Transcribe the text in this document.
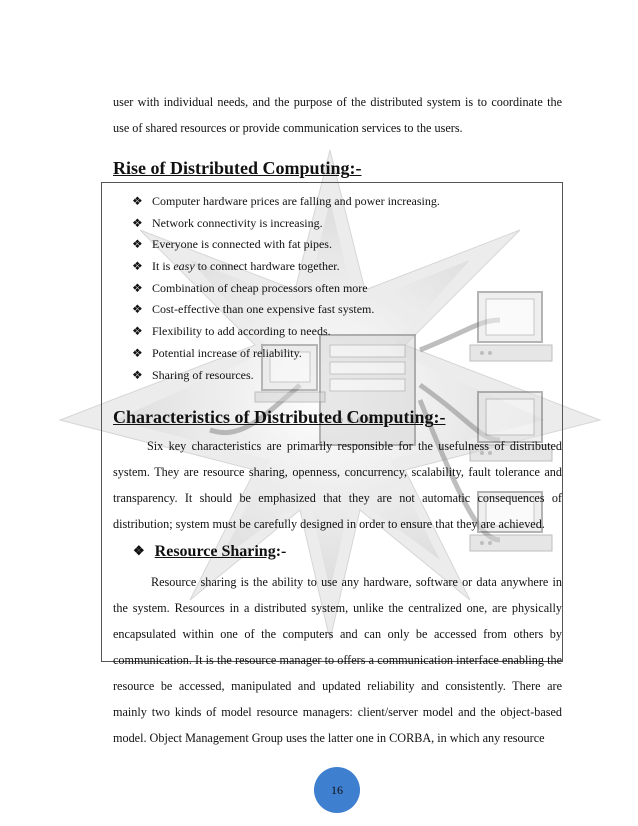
user with individual needs, and the purpose of the distributed system is to coordinate the use of shared resources or provide communication services to the users.

Rise of Distributed Computing:-
❖ Computer hardware prices are falling and power increasing.
❖ Network connectivity is increasing.
❖ Everyone is connected with fat pipes.
❖ It is easy to connect hardware together.
❖ Combination of cheap processors often more
❖ Cost-effective than one expensive fast system.
❖ Flexibility to add according to needs.
❖ Potential increase of reliability.
❖ Sharing of resources.
Characteristics of Distributed Computing:-

Six key characteristics are primarily responsible for the usefulness of distributed system. They are resource sharing, openness, concurrency, scalability, fault tolerance and transparency. It should be emphasized that they are not automatic consequences of distribution; system must be carefully designed in order to ensure that they are achieved.

❖ Resource Sharing:-

Resource sharing is the ability to use any hardware, software or data anywhere in the system. Resources in a distributed system, unlike the centralized one, are physically encapsulated within one of the computers and can only be accessed from others by communication. It is the resource manager to offers a communication interface enabling the resource be accessed, manipulated and updated reliability and consistently. There are mainly two kinds of model resource managers: client/server model and the object-based model. Object Management Group uses the latter one in CORBA, in which any resource

16
